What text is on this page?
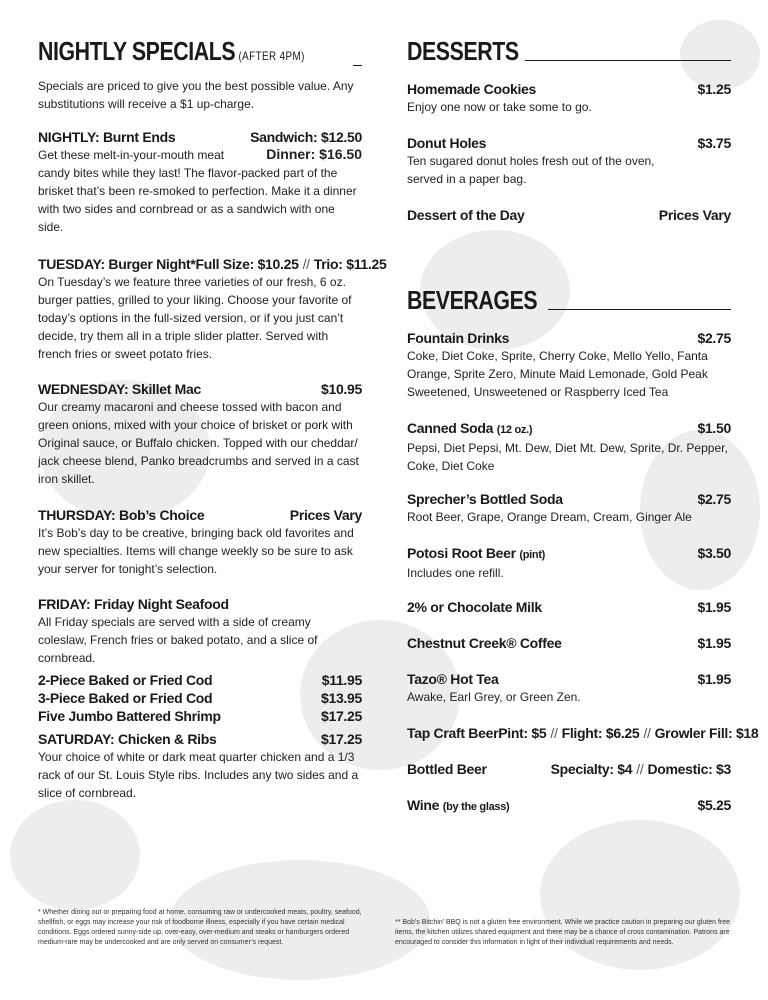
NIGHTLY SPECIALS (AFTER 4PM)
Specials are priced to give you the best possible value. Any substitutions will receive a $1 up-charge.
NIGHTLY: Burnt Ends	Sandwich: $12.50
Dinner: $16.50
Get these melt-in-your-mouth meat candy bites while they last! The flavor-packed part of the brisket that’s been re-smoked to perfection. Make it a dinner with two sides and cornbread or as a sandwich with one side.
TUESDAY: Burger Night* Full Size: $10.25 // Trio: $11.25
On Tuesday’s we feature three varieties of our fresh, 6 oz. burger patties, grilled to your liking. Choose your favorite of today’s options in the full-sized version, or if you just can’t decide, try them all in a triple slider platter. Served with french fries or sweet potato fries.
WEDNESDAY: Skillet Mac	$10.95
Our creamy macaroni and cheese tossed with bacon and green onions, mixed with your choice of brisket or pork with Original sauce, or Buffalo chicken. Topped with our cheddar/ jack cheese blend, Panko breadcrumbs and served in a cast iron skillet.
THURSDAY: Bob’s Choice	Prices Vary
It’s Bob’s day to be creative, bringing back old favorites and new specialties. Items will change weekly so be sure to ask your server for tonight’s selection.
FRIDAY: Friday Night Seafood
All Friday specials are served with a side of creamy coleslaw, French fries or baked potato, and a slice of cornbread.
2-Piece Baked or Fried Cod	$11.95
3-Piece Baked or Fried Cod	$13.95
Five Jumbo Battered Shrimp	$17.25
SATURDAY: Chicken & Ribs	$17.25
Your choice of white or dark meat quarter chicken and a 1/3 rack of our St. Louis Style ribs. Includes any two sides and a slice of cornbread.
* Whether dining out or preparing food at home, consuming raw or undercooked meats, poultry, seafood, shellfish, or eggs may increase your risk of foodborne illness, especially if you have certain medical conditions. Eggs ordered sunny-side up, over-easy, over-medium and steaks or hamburgers ordered medium-rare may be undercooked and are only served on consumer’s request.
DESSERTS
Homemade Cookies	$1.25
Enjoy one now or take some to go.
Donut Holes	$3.75
Ten sugared donut holes fresh out of the oven, served in a paper bag.
Dessert of the Day	Prices Vary
BEVERAGES
Fountain Drinks	$2.75
Coke, Diet Coke, Sprite, Cherry Coke, Mello Yello, Fanta Orange, Sprite Zero, Minute Maid Lemonade, Gold Peak Sweetened, Unsweetened or Raspberry Iced Tea
Canned Soda (12 oz.)	$1.50
Pepsi, Diet Pepsi, Mt. Dew, Diet Mt. Dew, Sprite, Dr. Pepper, Coke, Diet Coke
Sprecher’s Bottled Soda	$2.75
Root Beer, Grape, Orange Dream, Cream, Ginger Ale
Potosi Root Beer (pint)	$3.50
Includes one refill.
2% or Chocolate Milk	$1.95
Chestnut Creek® Coffee	$1.95
Tazo® Hot Tea	$1.95
Awake, Earl Grey, or Green Zen.
Tap Craft Beer Pint: $5 // Flight: $6.25 // Growler Fill: $18
Bottled Beer	Specialty: $4 // Domestic: $3
Wine (by the glass)	$5.25
** Bob’s Bitchin’ BBQ is not a gluten free environment. While we practice caution in preparing our gluten free items, the kitchen utilizes shared equipment and there may be a chance of cross contamination. Patrons are encouraged to consider this information in light of their individual requirements and needs.
